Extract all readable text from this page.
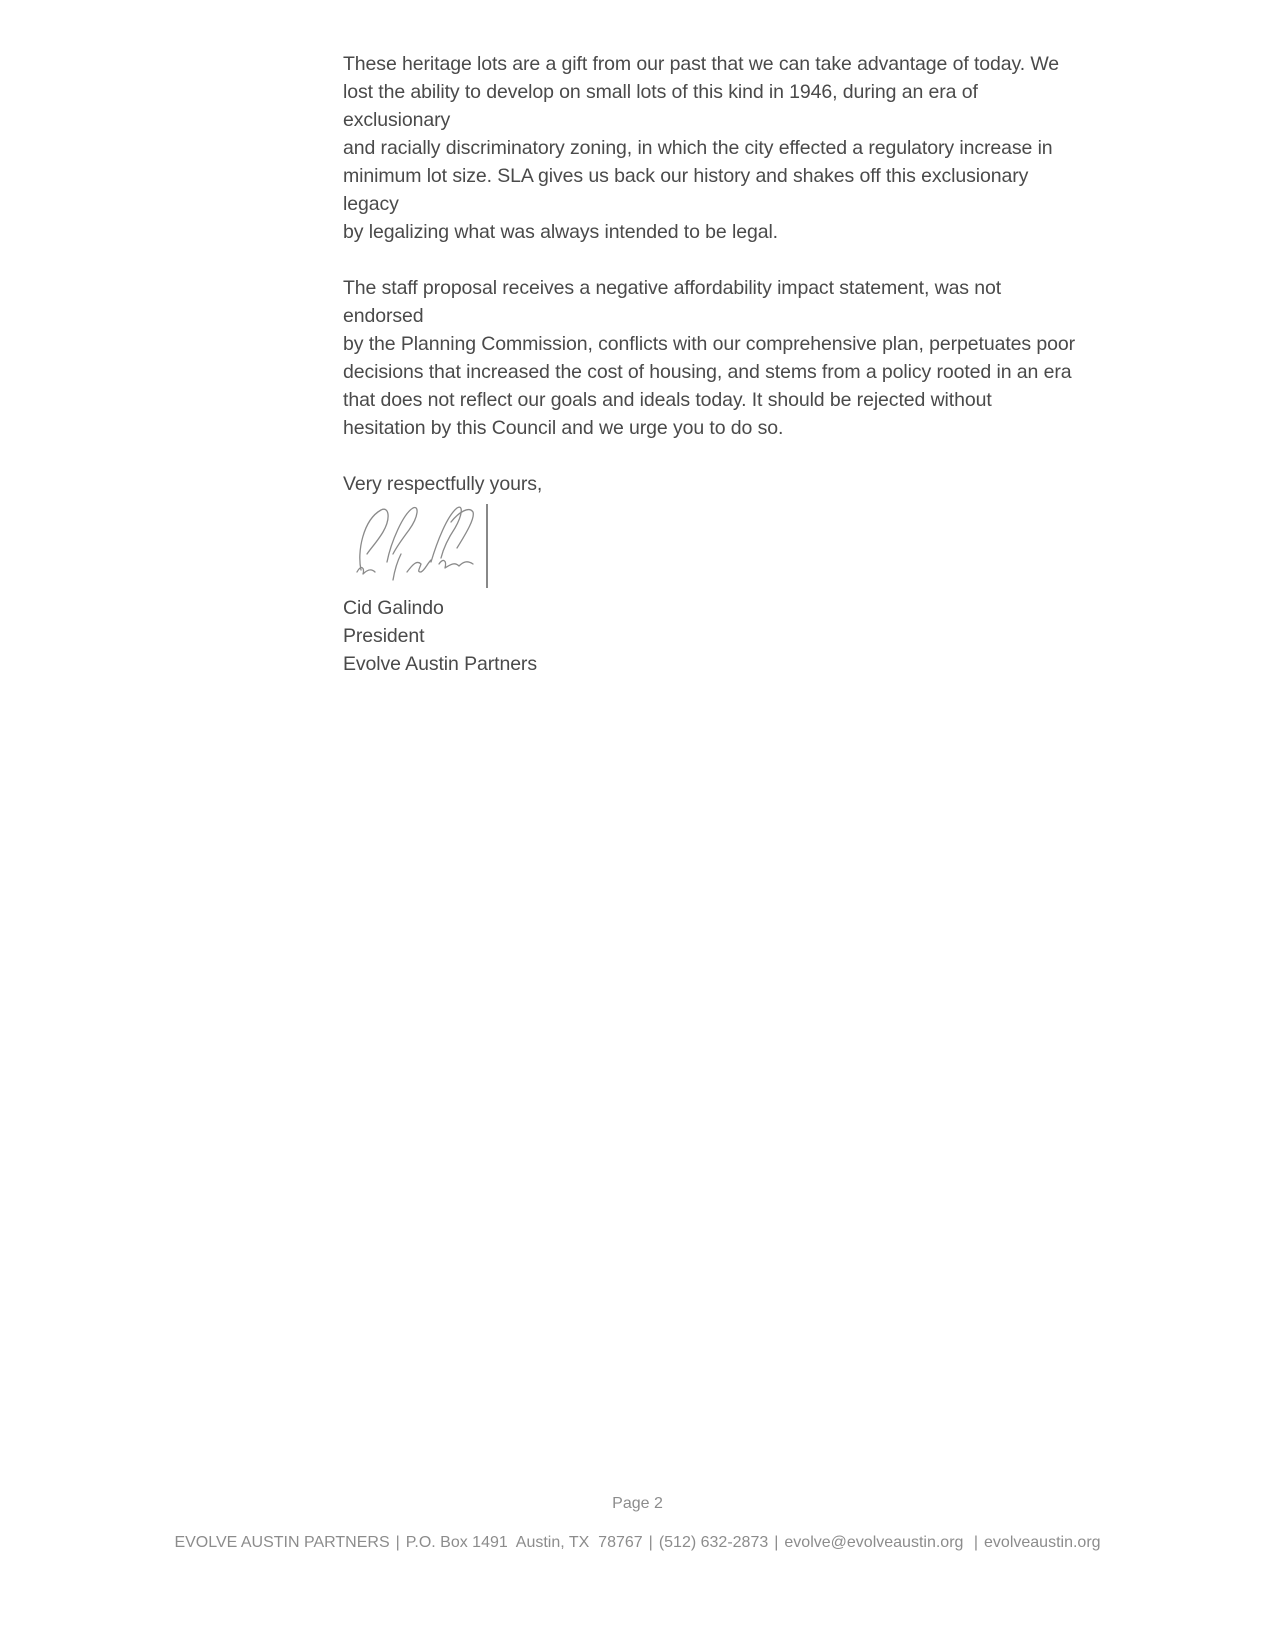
These heritage lots are a gift from our past that we can take advantage of today. We
lost the ability to develop on small lots of this kind in 1946, during an era of exclusionary
and racially discriminatory zoning, in which the city effected a regulatory increase in
minimum lot size. SLA gives us back our history and shakes off this exclusionary legacy
by legalizing what was always intended to be legal.

The staff proposal receives a negative affordability impact statement, was not endorsed
by the Planning Commission, conflicts with our comprehensive plan, perpetuates poor
decisions that increased the cost of housing, and stems from a policy rooted in an era
that does not reflect our goals and ideals today. It should be rejected without
hesitation by this Council and we urge you to do so.

Very respectfully yours,

Cid Galindo

President

Evolve Austin Partners

Page 2
EVOLVE AUSTIN PARTNERS | P.O. Box 1491  Austin, TX  78767 | (512) 632-2873 | evolve@evolveaustin.org | evolveaustin.org
